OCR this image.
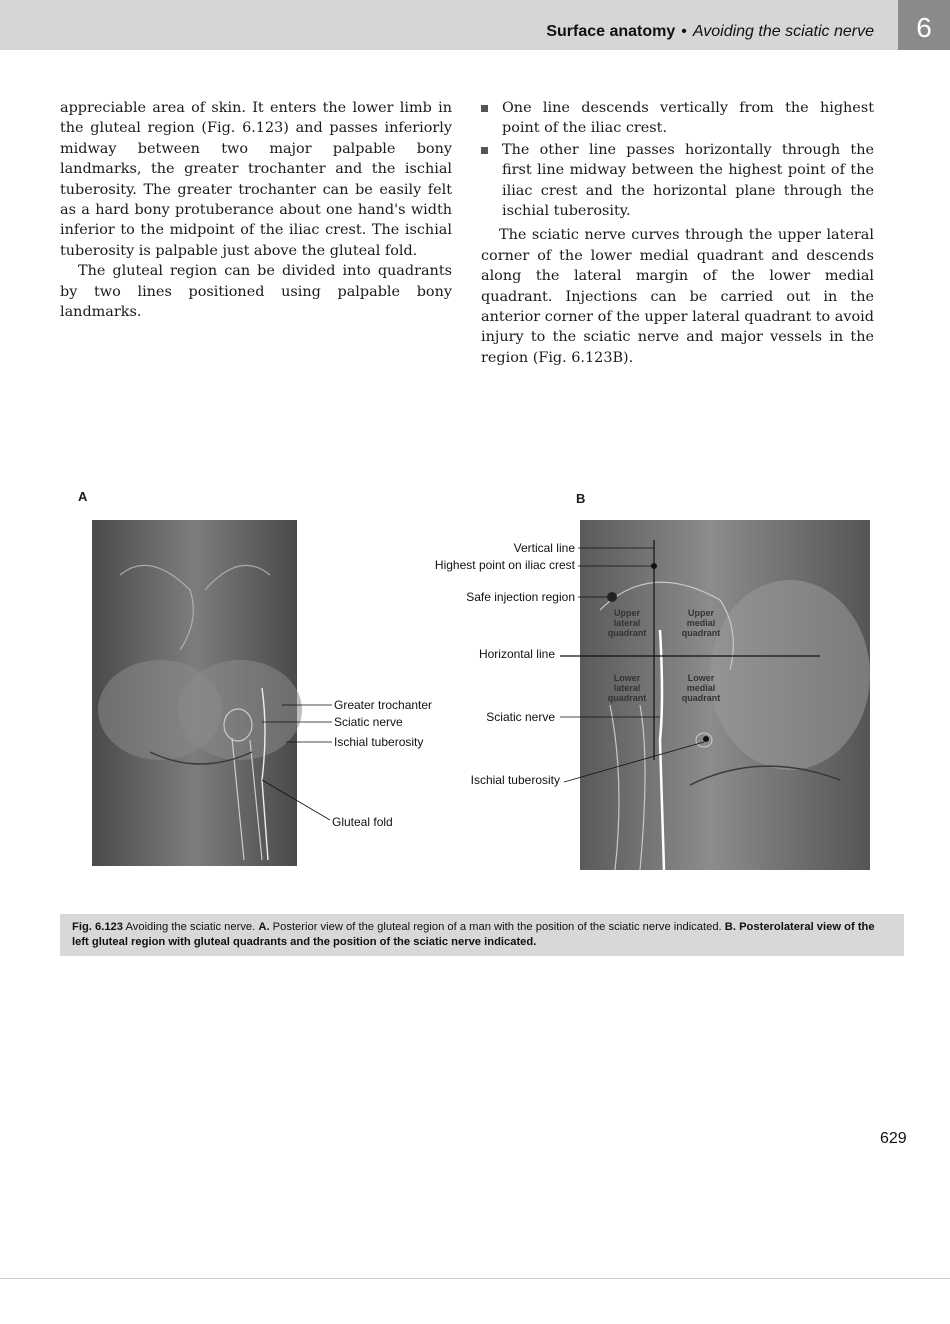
Surface anatomy • Avoiding the sciatic nerve	6

appreciable area of skin. It enters the lower limb in the gluteal region (Fig. 6.123) and passes inferiorly midway between two major palpable bony landmarks, the greater trochanter and the ischial tuberosity. The greater trochanter can be easily felt as a hard bony protuberance about one hand's width inferior to the midpoint of the iliac crest. The ischial tuberosity is palpable just above the gluteal fold.

The gluteal region can be divided into quadrants by two lines positioned using palpable bony landmarks.

One line descends vertically from the highest point of the iliac crest.
The other line passes horizontally through the first line midway between the highest point of the iliac crest and the horizontal plane through the ischial tuberosity.

The sciatic nerve curves through the upper lateral corner of the lower medial quadrant and descends along the lateral margin of the lower medial quadrant. Injections can be carried out in the anterior corner of the upper lateral quadrant to avoid injury to the sciatic nerve and major vessels in the region (Fig. 6.123B).

A	B
Greater trochanter
Sciatic nerve
Ischial tuberosity
Gluteal fold
Upper
lateral
quadrant
Upper
medial
quadrant
Lower
lateral
quadrant
Lower
medial
quadrant
Vertical line
Highest point on iliac crest
Safe injection region
Horizontal line
Sciatic nerve
Ischial tuberosity
Fig. 6.123 Avoiding the sciatic nerve. A. Posterior view of the gluteal region of a man with the position of the sciatic nerve indicated. B. Posterolateral view of the left gluteal region with gluteal quadrants and the position of the sciatic nerve indicated.
629
